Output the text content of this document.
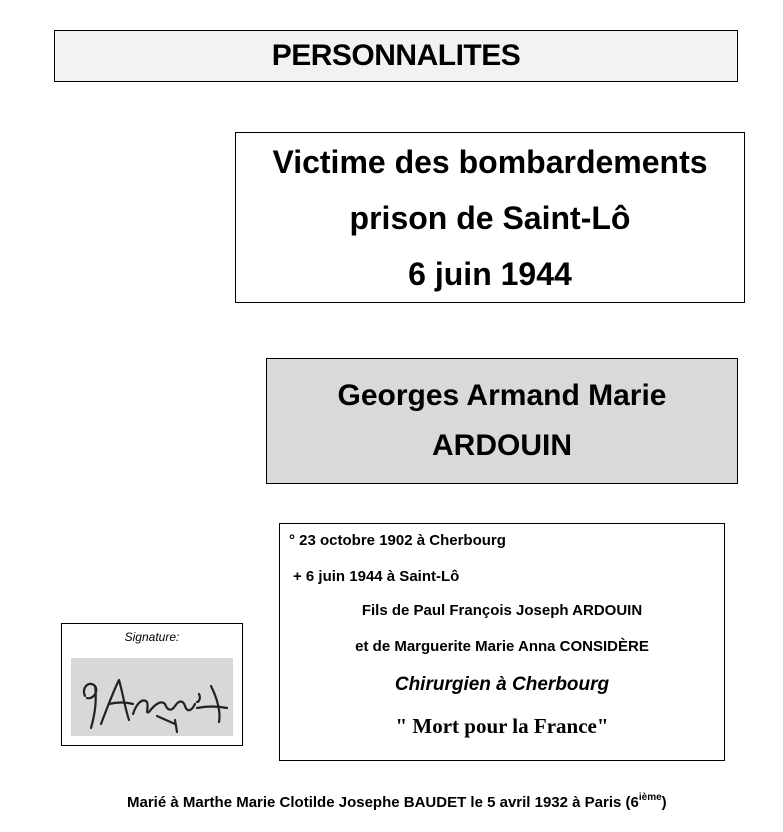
PERSONNALITES
Victime des bombardements
prison de Saint-Lô
6 juin 1944
Georges Armand Marie
ARDOUIN
° 23 octobre 1902 à Cherbourg
+ 6 juin 1944 à Saint-Lô
Fils de Paul François Joseph ARDOUIN
et de Marguerite Marie Anna CONSIDÈRE
Chirurgien à Cherbourg
" Mort pour la France"
Signature:
Marié à Marthe Marie Clotilde Josephe BAUDET le 5 avril 1932 à Paris (6ième)
